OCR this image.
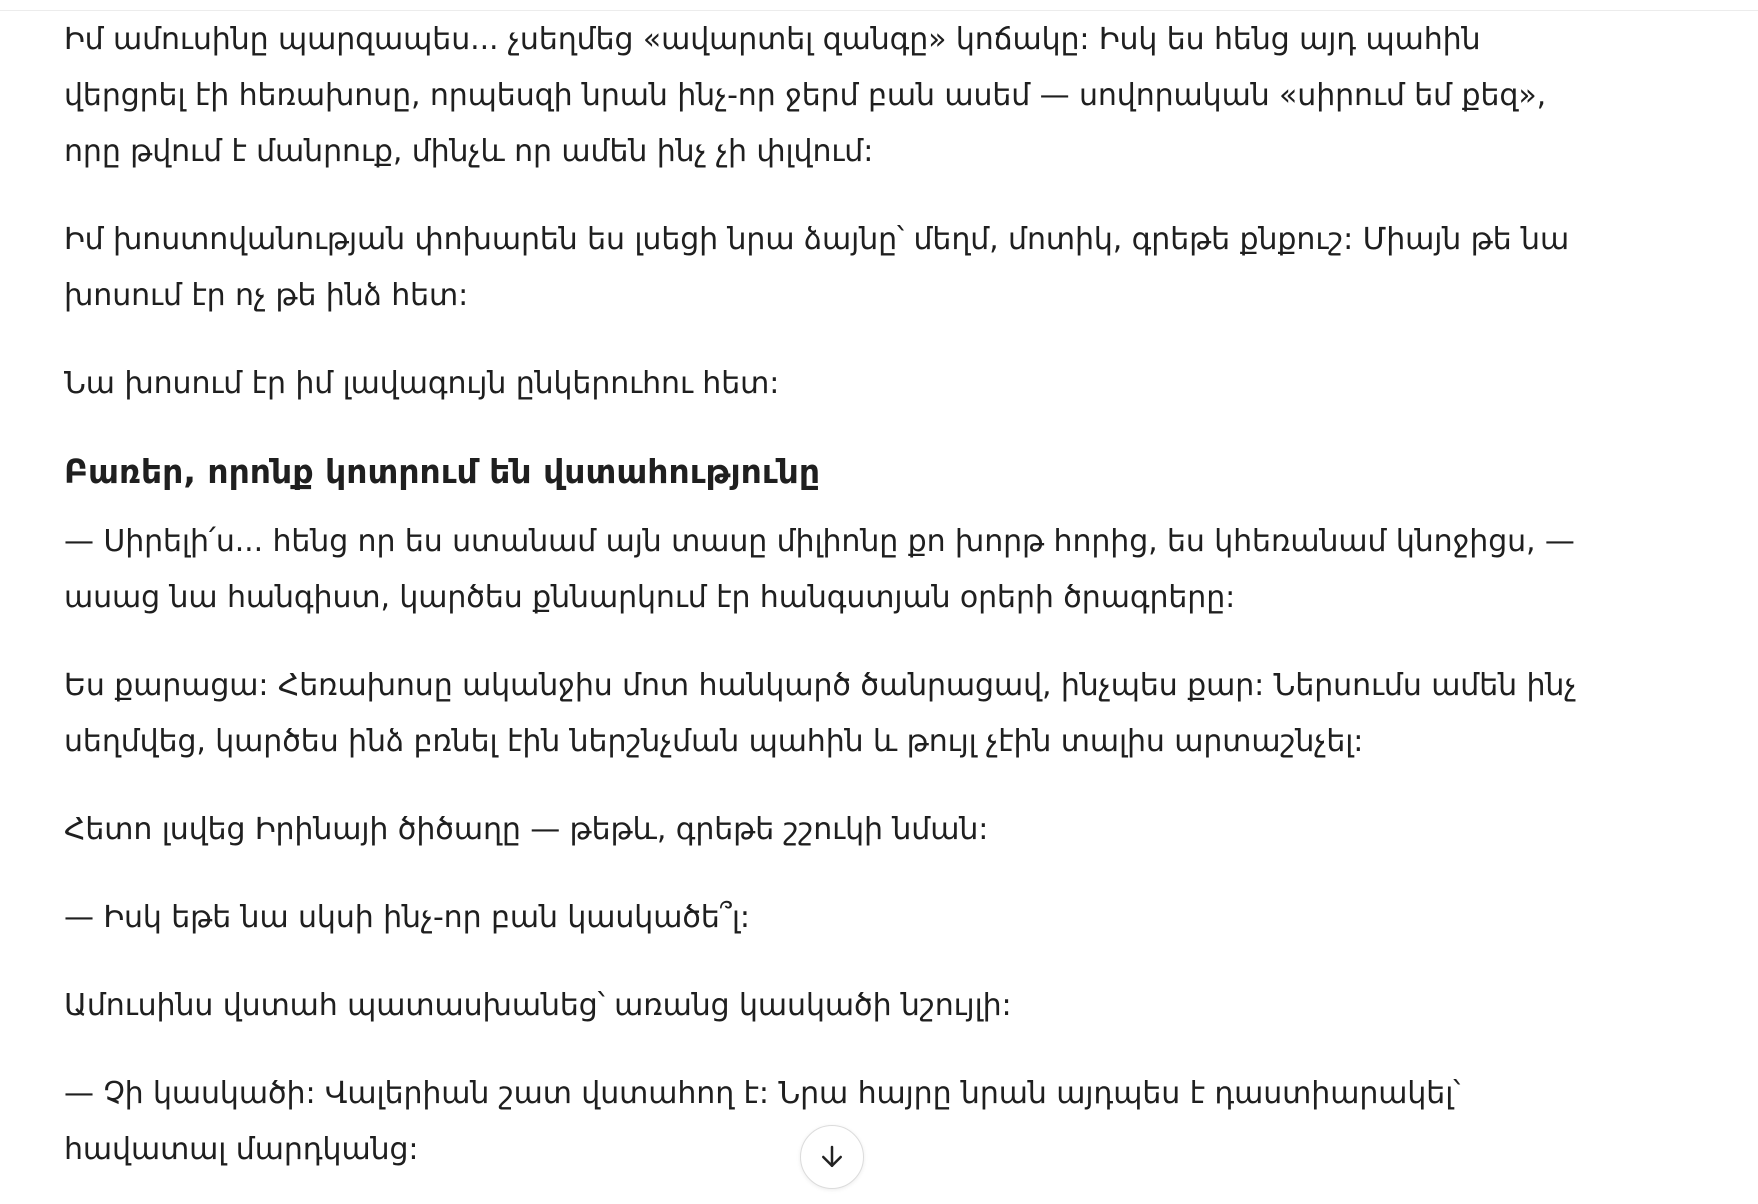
Իմ ամուսինը պարզապես... չսեղմեց «ավարտել զանգը» կոճակը: Իսկ ես հենց այդ պահին վերցրել էի հեռախոսը, որպեսզի նրան ինչ-որ ջերմ բան ասեմ — սովորական «սիրում եմ քեզ», որը թվում է մանրուք, մինչև որ ամեն ինչ չի փլվում:

Իմ խոստովանության փոխարեն ես լսեցի նրա ձայնը՝ մեղմ, մոտիկ, գրեթե քնքուշ: Միայն թե նա խոսում էր ոչ թե ինձ հետ:

Նա խոսում էր իմ լավագույն ընկերուհու հետ:

Բառեր, որոնք կոտրում են վստահությունը

— Սիրելի՛ս... հենց որ ես ստանամ այն տասը միլիոնը քո խորթ հորից, ես կհեռանամ կնոջիցս, — ասաց նա հանգիստ, կարծես քննարկում էր հանգստյան օրերի ծրագրերը:

Ես քարացա: Հեռախոսը ականջիս մոտ հանկարծ ծանրացավ, ինչպես քար: Ներսումս ամեն ինչ սեղմվեց, կարծես ինձ բռնել էին ներշնչման պահին և թույլ չէին տալիս արտաշնչել:

Հետո լսվեց Իրինայի ծիծաղը — թեթև, գրեթե շշուկի նման:

— Իսկ եթե նա սկսի ինչ-որ բան կասկածե՞լ:

Ամուսինս վստահ պատասխանեց՝ առանց կասկածի նշույլի:

— Չի կասկածի: Վալերիան շատ վստահող է: Նրա հայրը նրան այդպես է դաստիարակել՝ հավատալ մարդկանց:
